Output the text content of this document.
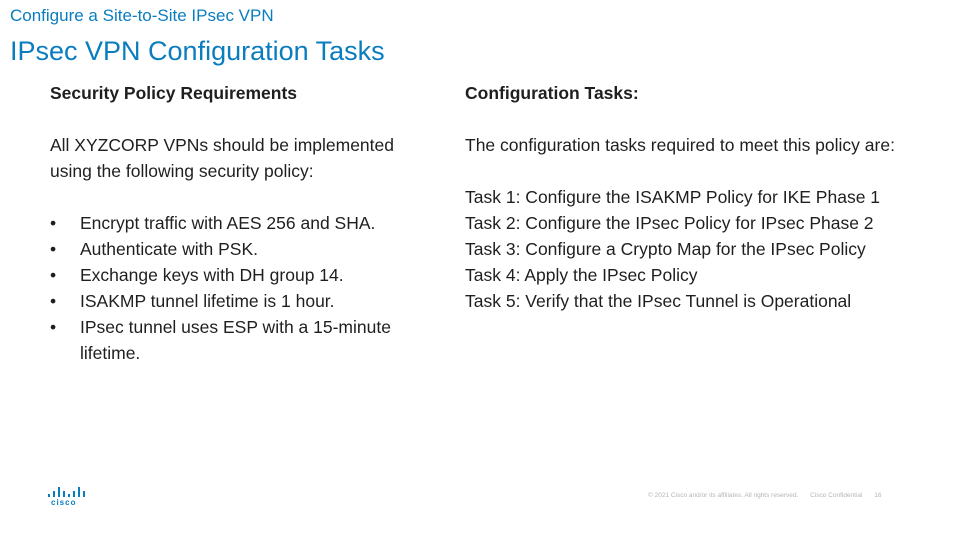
Configure a Site-to-Site IPsec VPN
IPsec VPN Configuration Tasks
Security Policy Requirements
All XYZCORP VPNs should be implemented using the following security policy:
• Encrypt traffic with AES 256 and SHA.
• Authenticate with PSK.
• Exchange keys with DH group 14.
• ISAKMP tunnel lifetime is 1 hour.
• IPsec tunnel uses ESP with a 15-minute lifetime.
Configuration Tasks:
The configuration tasks required to meet this policy are:
Task 1: Configure the ISAKMP Policy for IKE Phase 1
Task 2: Configure the IPsec Policy for IPsec Phase 2
Task 3: Configure a Crypto Map for the IPsec Policy
Task 4: Apply the IPsec Policy
Task 5: Verify that the IPsec Tunnel is Operational
cisco
© 2021 Cisco and/or its affiliates. All rights reserved. Cisco Confidential 16
